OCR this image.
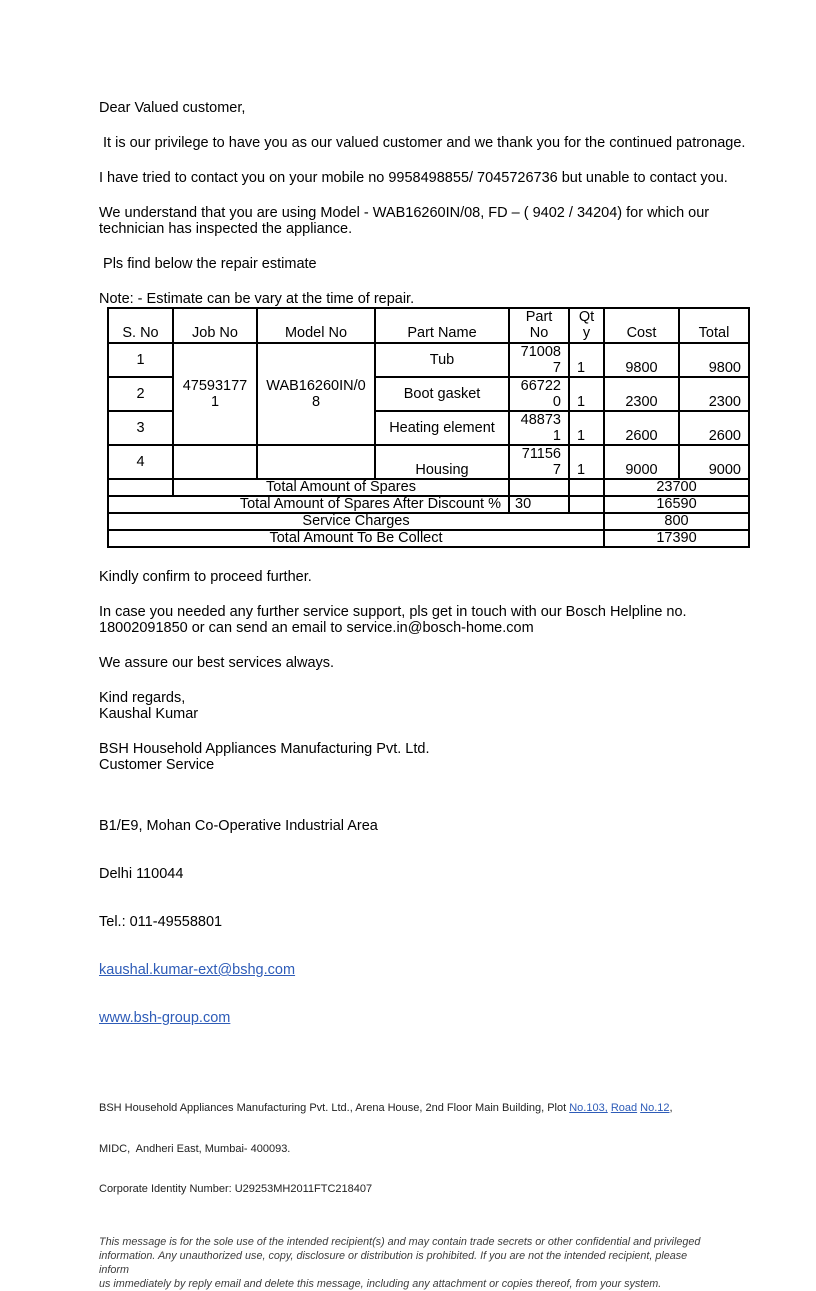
Dear Valued customer,

It is our privilege to have you as our valued customer and we thank you for the continued patronage.

I have tried to contact you on your mobile no 9958498855/ 7045726736 but unable to contact you.

We understand that you are using Model - WAB16260IN/08, FD – ( 9402 / 34204) for which our
technician has inspected the appliance.

Pls find below the repair estimate

Note: - Estimate can be vary at the time of repair.

S. No	Job No	Model No	Part Name	Part No	Qty	Cost	Total
1	475931771	WAB16260IN/08	Tub	710087	1	9800	9800
2			Boot gasket	667220	1	2300	2300
3			Heating element	488731	1	2600	2600
4			Housing	711567	1	9000	9000
	Total Amount of Spares					23700	
Total Amount of Spares After Discount %				30		16590	
Service Charges						800	
Total Amount To Be Collect						17390	

Kindly confirm to proceed further.

In case you needed any further service support, pls get in touch with our Bosch Helpline no.
18002091850 or can send an email to service.in@bosch-home.com

We assure our best services always.

Kind regards,
Kaushal Kumar

BSH Household Appliances Manufacturing Pvt. Ltd.
Customer Service

B1/E9, Mohan Co-Operative Industrial Area

Delhi 110044

Tel.: 011-49558801

kaushal.kumar-ext@bshg.com

www.bsh-group.com

BSH Household Appliances Manufacturing Pvt. Ltd., Arena House, 2nd Floor Main Building, Plot No.103, Road No.12,

MIDC,  Andheri East, Mumbai- 400093.

Corporate Identity Number: U29253MH2011FTC218407

This message is for the sole use of the intended recipient(s) and may contain trade secrets or other confidential and privileged
information. Any unauthorized use, copy, disclosure or distribution is prohibited. If you are not the intended recipient, please inform
us immediately by reply email and delete this message, including any attachment or copies thereof, from your system.
